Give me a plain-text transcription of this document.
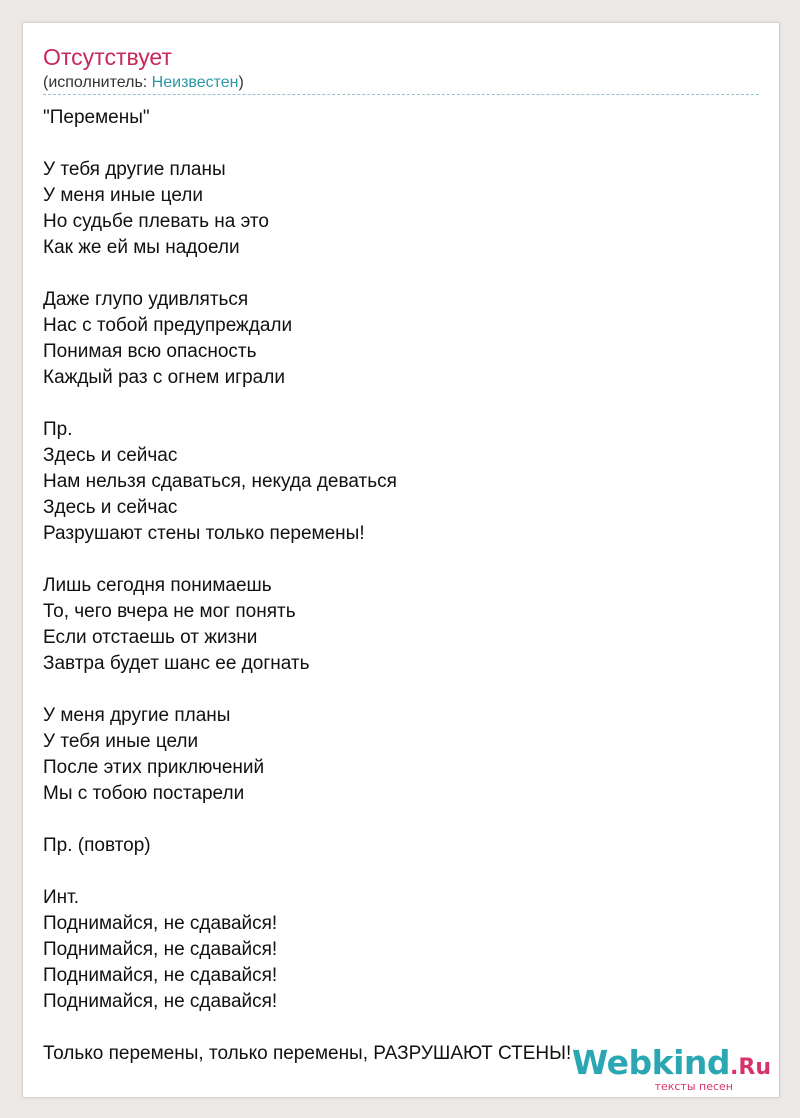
Отсутствует
(исполнитель: Неизвестен)
"Перемены"
У тебя другие планы
У меня иные цели
Но судьбе плевать на это
Как же ей мы надоели
Даже глупо удивляться
Нас с тобой предупреждали
Понимая всю опасность
Каждый раз с огнем играли
Пр.
Здесь и сейчас
Нам нельзя сдаваться, некуда деваться
Здесь и сейчас
Разрушают стены только перемены!
Лишь сегодня понимаешь
То, чего вчера не мог понять
Если отстаешь от жизни
Завтра будет шанс ее догнать
У меня другие планы
У тебя иные цели
После этих приключений
Мы с тобою постарели
Пр. (повтор)
Инт.
Поднимайся, не сдавайся!
Поднимайся, не сдавайся!
Поднимайся, не сдавайся!
Поднимайся, не сдавайся!
Только перемены, только перемены, РАЗРУШАЮТ СТЕНЫ! Webkind.Ru
тексты песен
